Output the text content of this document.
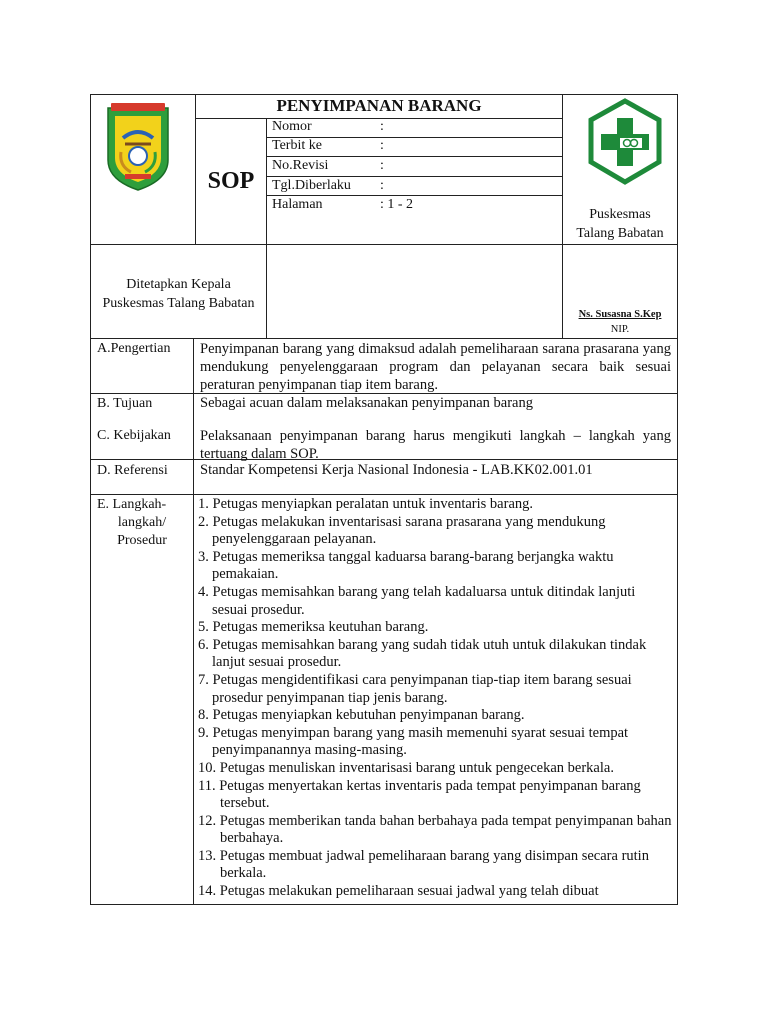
PENYIMPANAN BARANG
SOP
Nomor	:
Terbit ke	:
No.Revisi	:
Tgl.Diberlaku :
Halaman	: 1 - 2
Puskesmas
Talang Babatan
Ditetapkan Kepala
Puskesmas Talang Babatan
Ns. Susasna S.Kep
NIP.
A.Pengertian Penyimpanan barang yang dimaksud adalah pemeliharaan sarana prasarana yang mendukung penyelenggaraan program dan pelayanan secara baik sesuai peraturan penyimpanan tiap item barang.
B. Tujuan	Sebagai acuan dalam melaksanakan penyimpanan barang
C. Kebijakan Pelaksanaan penyimpanan barang harus mengikuti langkah – langkah yang tertuang dalam SOP.
D. Referensi Standar Kompetensi Kerja Nasional Indonesia - LAB.KK02.001.01
E. Langkah-
langkah/
Prosedur
1. Petugas menyiapkan peralatan untuk inventaris barang.
2. Petugas melakukan inventarisasi sarana prasarana yang mendukung penyelenggaraan pelayanan.
3. Petugas memeriksa tanggal kaduarsa barang-barang berjangka waktu pemakaian.
4. Petugas memisahkan barang yang telah kadaluarsa untuk ditindak lanjuti sesuai prosedur.
5. Petugas memeriksa keutuhan barang.
6. Petugas memisahkan barang yang sudah tidak utuh untuk dilakukan tindak lanjut sesuai prosedur.
7. Petugas mengidentifikasi cara penyimpanan tiap-tiap item barang sesuai prosedur penyimpanan tiap jenis barang.
8. Petugas menyiapkan kebutuhan penyimpanan barang.
9. Petugas menyimpan barang yang masih memenuhi syarat sesuai tempat penyimpanannya masing-masing.
10. Petugas menuliskan inventarisasi barang untuk pengecekan berkala.
11. Petugas menyertakan kertas inventaris pada tempat penyimpanan barang tersebut.
12. Petugas memberikan tanda bahan berbahaya pada tempat penyimpanan bahan berbahaya.
13. Petugas membuat jadwal pemeliharaan barang yang disimpan secara rutin berkala.
14. Petugas melakukan pemeliharaan sesuai jadwal yang telah dibuat
